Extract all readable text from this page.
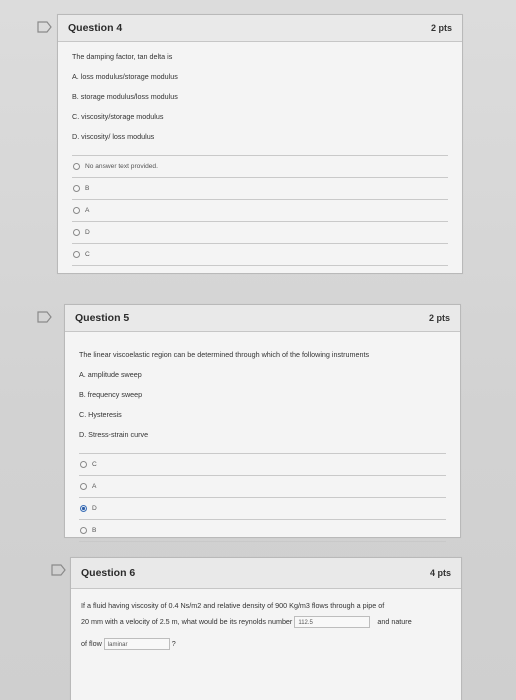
Question 4	2 pts

The damping factor, tan delta is

A. loss modulus/storage modulus

B. storage modulus/loss modulus

C. viscosity/storage modulus

D. viscosity/ loss modulus

No answer text provided.
B
A
D
C
Question 5	2 pts

The linear viscoelastic region can be determined through which of the following instruments

A. amplitude sweep

B. frequency sweep

C. Hysteresis

D. Stress-strain curve

C
A
D
B
Question 6	4 pts

If a fluid having viscosity of 0.4 Ns/m2 and relative density of 900 Kg/m3 flows through a pipe of

20 mm with a velocity of 2.5 m, what would be its reynolds number 112.5	and nature

of flow laminar	?
